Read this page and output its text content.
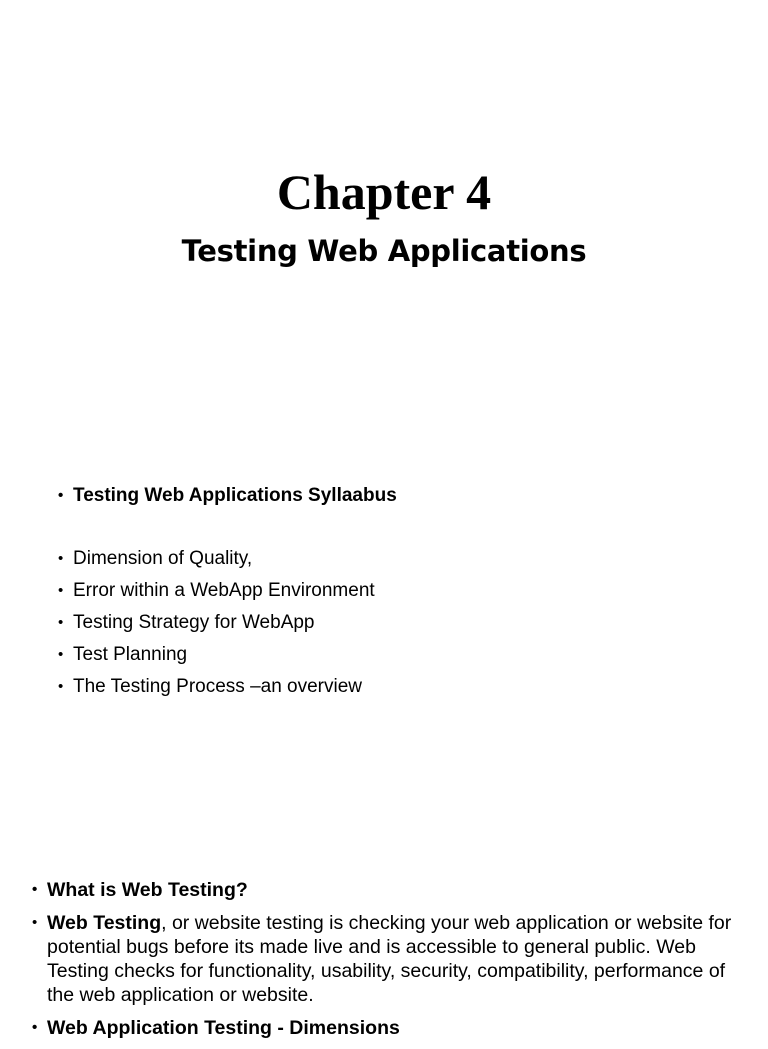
Chapter 4
Testing Web Applications
• Testing Web Applications Syllaabus
• Dimension of Quality,
• Error within a WebApp Environment
• Testing Strategy for WebApp
• Test Planning
• The Testing Process –an overview
• What is Web Testing?
• Web Testing, or website testing is checking your web application or website for potential bugs before its made live and is accessible to general public. Web Testing checks for functionality, usability, security, compatibility, performance of the web application or website.
• Web Application Testing - Dimensions
